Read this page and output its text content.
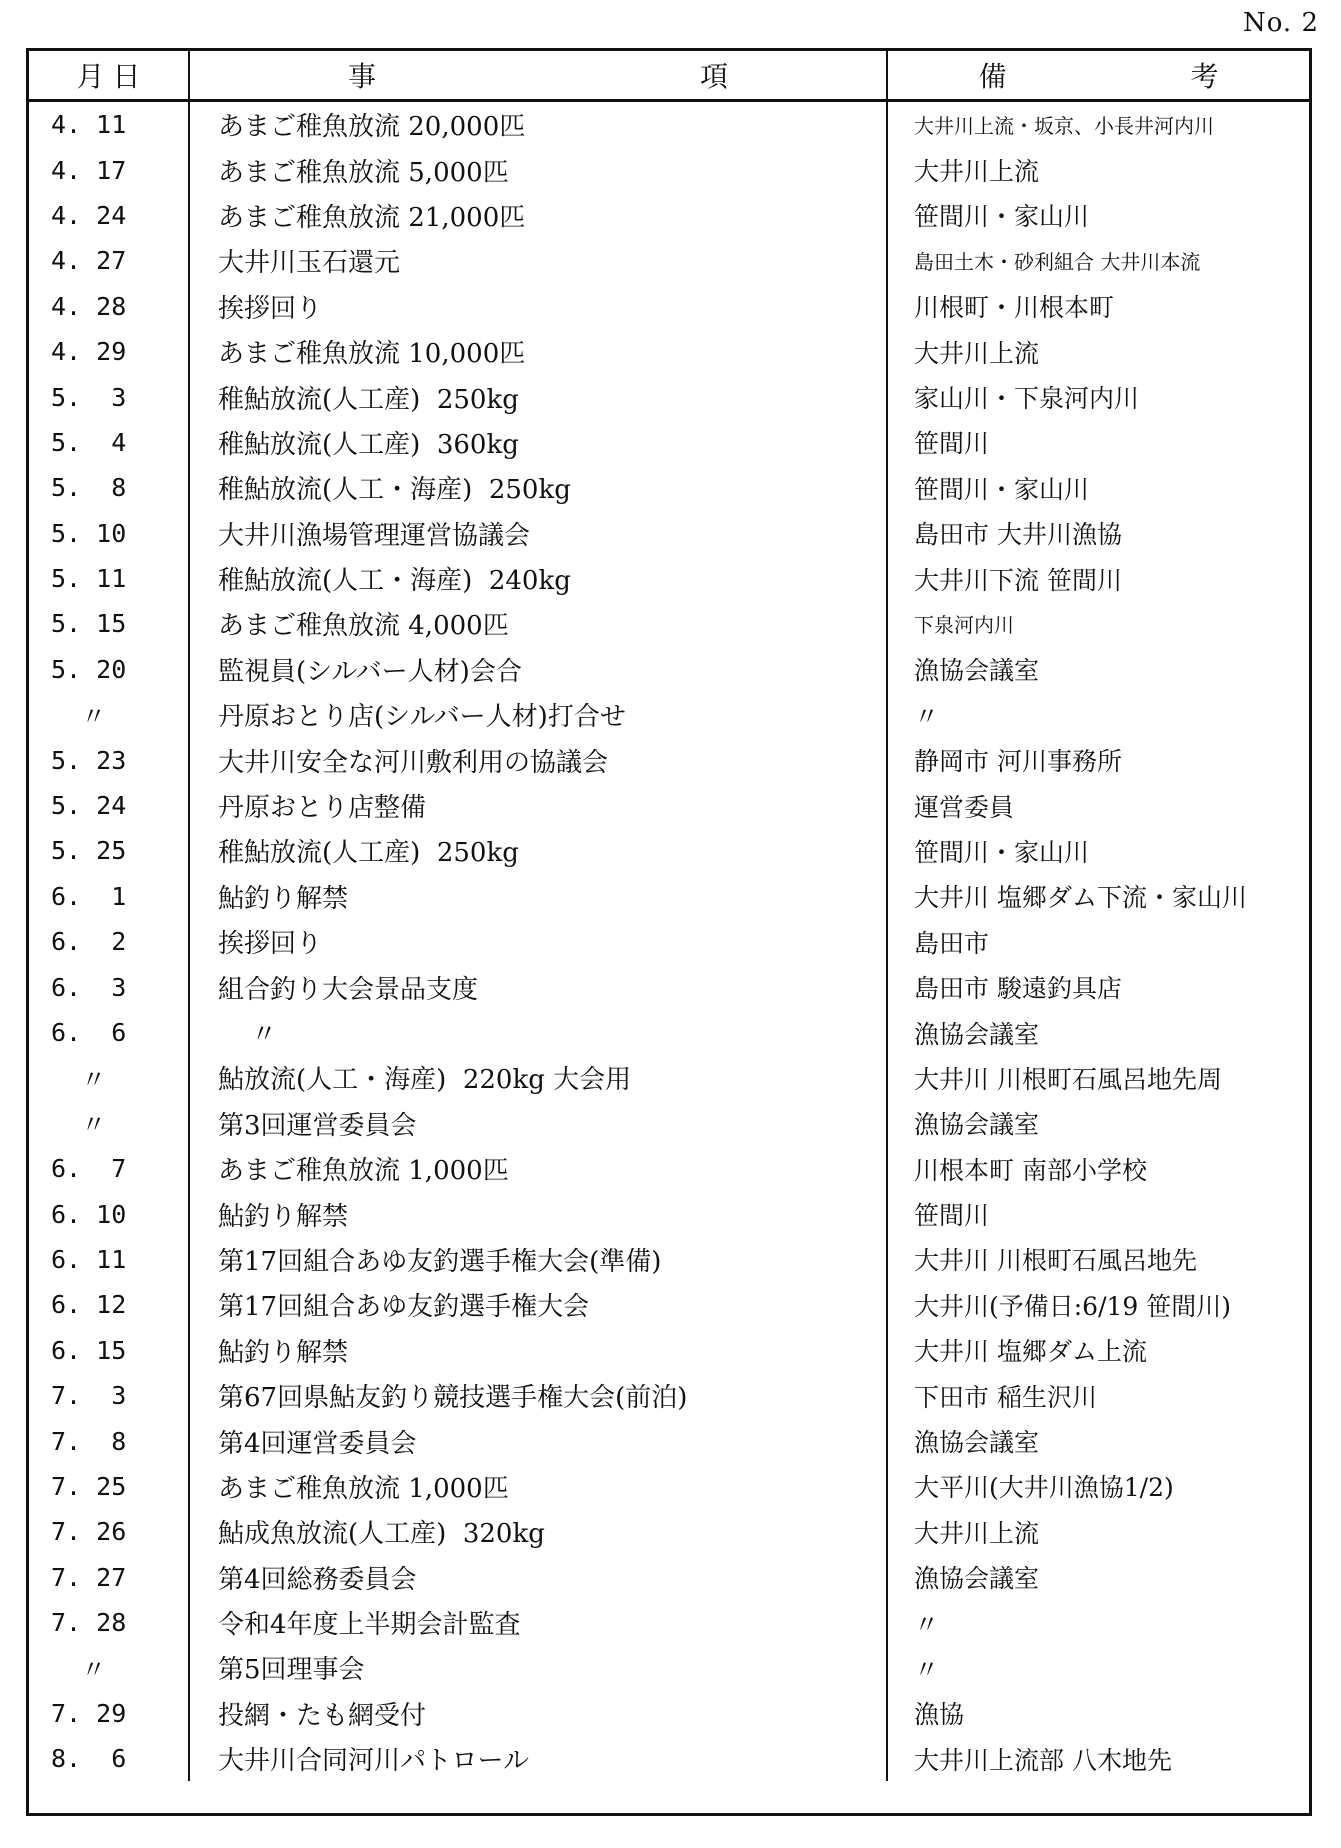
No. 2
月 日	事 項	備 考

4. 11	あまご稚魚放流 20,000匹	大井川上流・坂京、小長井河内川
4. 17	あまご稚魚放流 5,000匹	大井川上流
4. 24	あまご稚魚放流 21,000匹	笹間川・家山川
4. 27	大井川玉石還元	島田土木・砂利組合 大井川本流
4. 28	挨拶回り	川根町・川根本町
4. 29	あまご稚魚放流 10,000匹	大井川上流
5.  3	稚鮎放流(人工産)  250kg	家山川・下泉河内川
5.  4	稚鮎放流(人工産)  360kg	笹間川
5.  8	稚鮎放流(人工・海産)  250kg	笹間川・家山川
5. 10	大井川漁場管理運営協議会	島田市 大井川漁協
5. 11	稚鮎放流(人工・海産)  240kg	大井川下流 笹間川
5. 15	あまご稚魚放流 4,000匹	下泉河内川
5. 20	監視員(シルバー人材)会合	漁協会議室
〃	丹原おとり店(シルバー人材)打合せ	〃
5. 23	大井川安全な河川敷利用の協議会	静岡市 河川事務所
5. 24	丹原おとり店整備	運営委員
5. 25	稚鮎放流(人工産)  250kg	笹間川・家山川
6.  1	鮎釣り解禁	大井川 塩郷ダム下流・家山川
6.  2	挨拶回り	島田市
6.  3	組合釣り大会景品支度	島田市 駿遠釣具店
6.  6	〃	漁協会議室
〃	鮎放流(人工・海産)  220kg 大会用	大井川 川根町石風呂地先周
〃	第3回運営委員会	漁協会議室
6.  7	あまご稚魚放流 1,000匹	川根本町 南部小学校
6. 10	鮎釣り解禁	笹間川
6. 11	第17回組合あゆ友釣選手権大会(準備)	大井川 川根町石風呂地先
6. 12	第17回組合あゆ友釣選手権大会	大井川(予備日:6/19 笹間川)
6. 15	鮎釣り解禁	大井川 塩郷ダム上流
7.  3	第67回県鮎友釣り競技選手権大会(前泊)	下田市 稲生沢川
7.  8	第4回運営委員会	漁協会議室
7. 25	あまご稚魚放流 1,000匹	大平川(大井川漁協1/2)
7. 26	鮎成魚放流(人工産)  320kg	大井川上流
7. 27	第4回総務委員会	漁協会議室
7. 28	令和4年度上半期会計監査	〃
〃	第5回理事会	〃
7. 29	投網・たも網受付	漁協
8.  6	大井川合同河川パトロール	大井川上流部 八木地先
